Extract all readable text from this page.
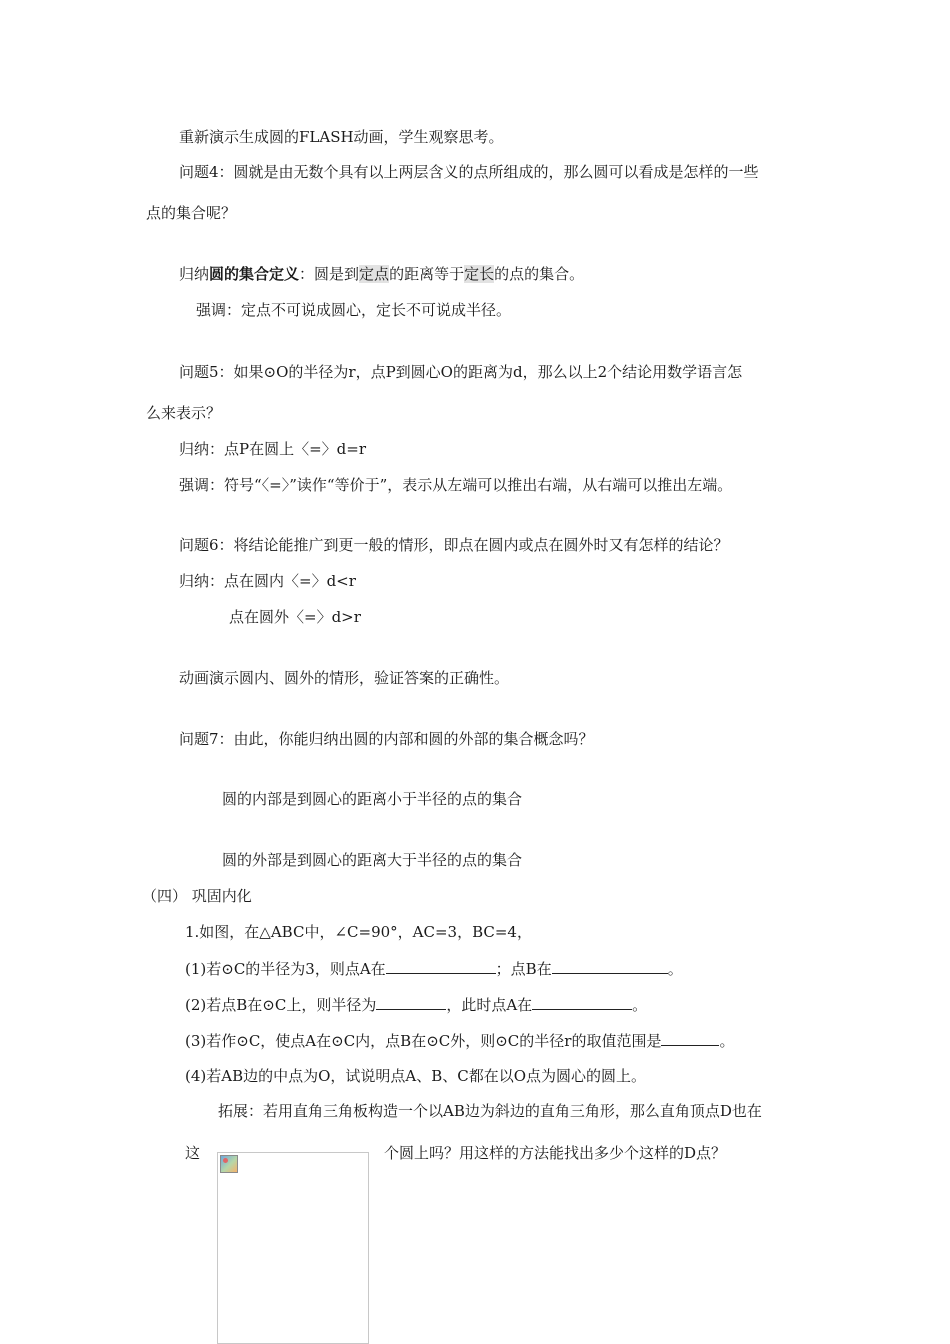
重新演示生成圆的FLASH动画，学生观察思考。
问题4：圆就是由无数个具有以上两层含义的点所组成的，那么圆可以看成是怎样的一些
点的集合呢？
归纳圆的集合定义：圆是到定点的距离等于定长的点的集合。
强调：定点不可说成圆心，定长不可说成半径。
问题5：如果⊙O的半径为r，点P到圆心O的距离为d，那么以上2个结论用数学语言怎
么来表示？
归纳：点P在圆上〈=〉d=r
强调：符号“〈=〉”读作“等价于”，表示从左端可以推出右端，从右端可以推出左端。
问题6：将结论能推广到更一般的情形，即点在圆内或点在圆外时又有怎样的结论？
归纳：点在圆内〈=〉d<r
点在圆外〈=〉d>r
动画演示圆内、圆外的情形，验证答案的正确性。
问题7：由此，你能归纳出圆的内部和圆的外部的集合概念吗？
圆的内部是到圆心的距离小于半径的点的集合
圆的外部是到圆心的距离大于半径的点的集合
（四） 巩固内化
1.如图，在△ABC中，∠C=90°，AC=3，BC=4，
(1)若⊙C的半径为3，则点A在	；点B在	。
(2)若点B在⊙C上，则半径为	，此时点A在	。
(3)若作⊙C，使点A在⊙C内，点B在⊙C外，则⊙C的半径r的取值范围是	。
(4)若AB边的中点为O，试说明点A、B、C都在以O点为圆心的圆上。
拓展：若用直角三角板构造一个以AB边为斜边的直角三角形，那么直角顶点D也在
这	个圆上吗？用这样的方法能找出多少个这样的D点？
